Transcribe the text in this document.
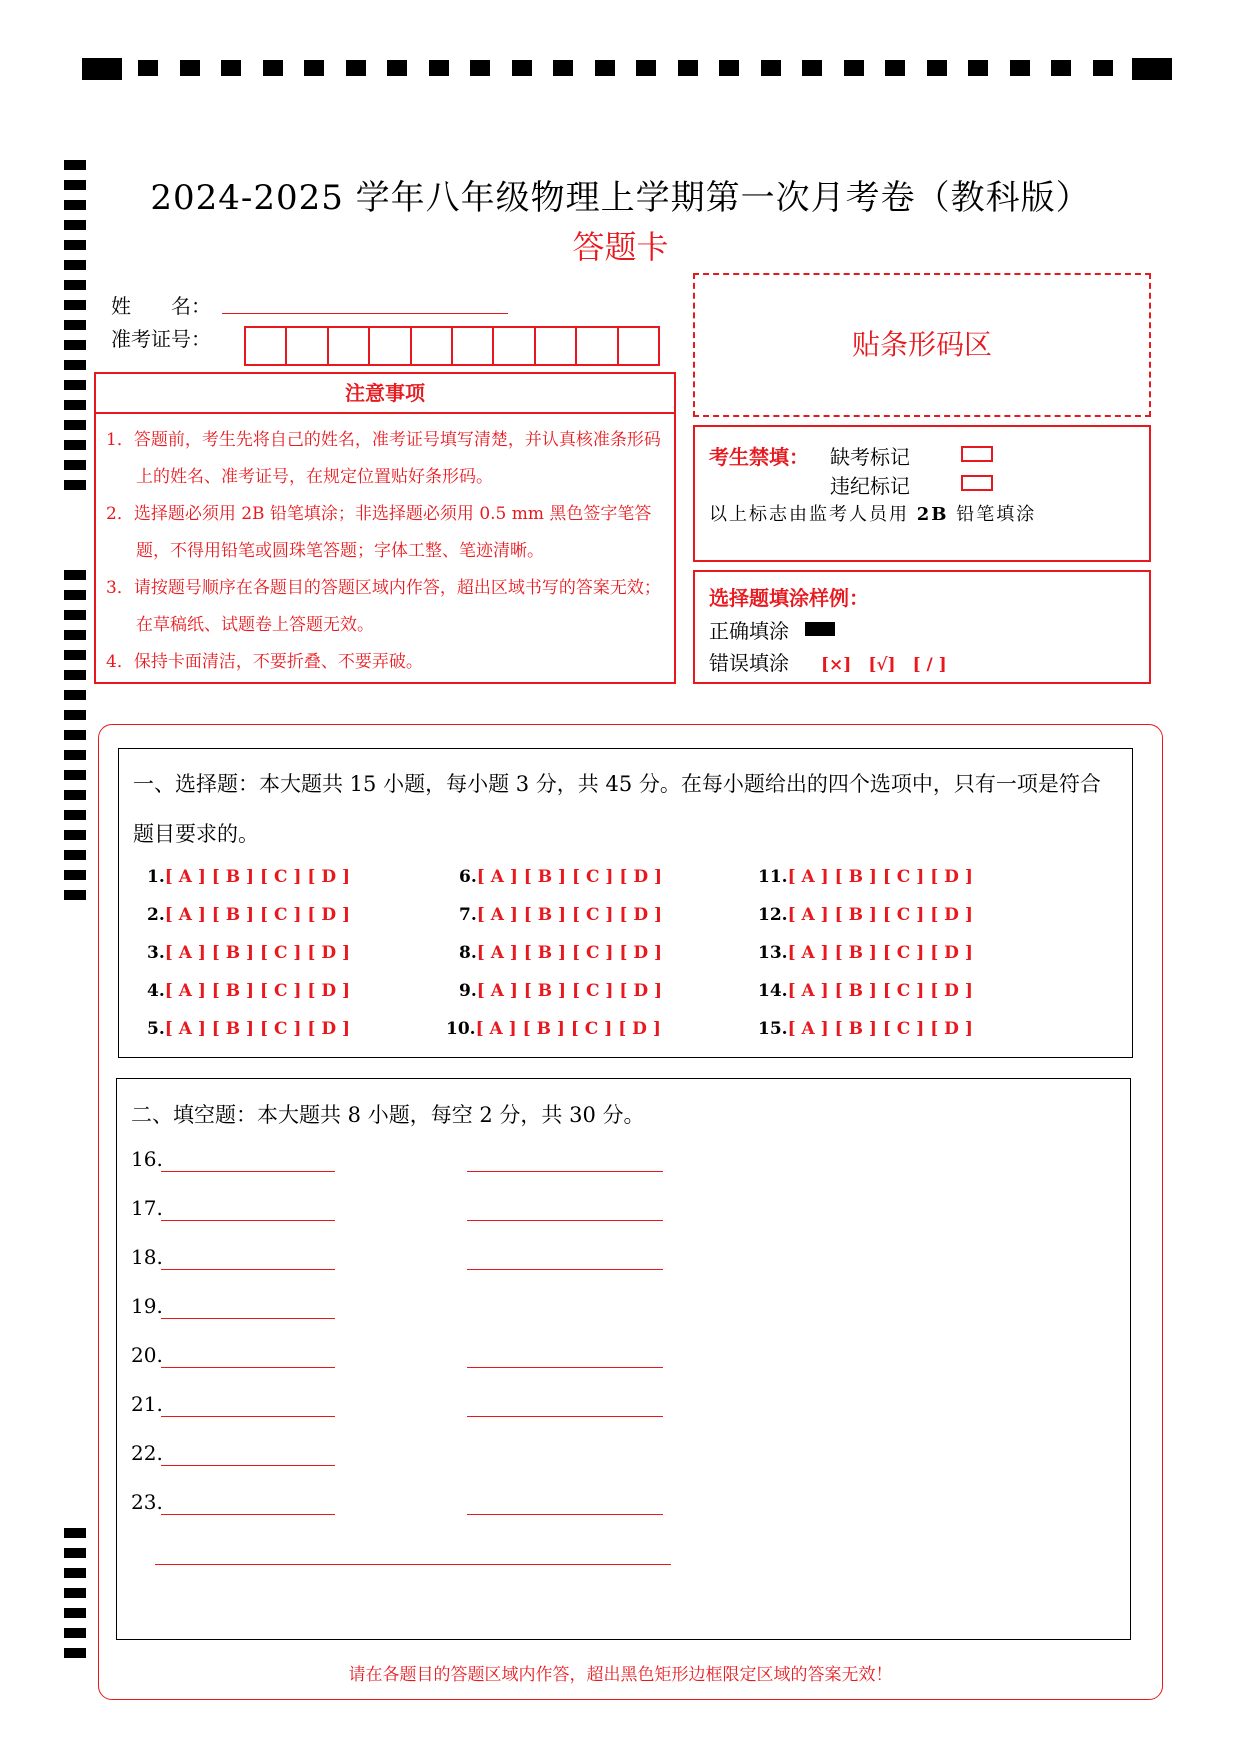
2024-2025 学年八年级物理上学期第一次月考卷（教科版）
答题卡
姓　　名：
准考证号：
注意事项
1．答题前，考生先将自己的姓名，准考证号填写清楚，并认真核准条形码上的姓名、准考证号，在规定位置贴好条形码。
2．选择题必须用 2B 铅笔填涂；非选择题必须用 0.5 mm 黑色签字笔答题，不得用铅笔或圆珠笔答题；字体工整、笔迹清晰。
3．请按题号顺序在各题目的答题区域内作答，超出区域书写的答案无效；在草稿纸、试题卷上答题无效。
4．保持卡面清洁，不要折叠、不要弄破。
贴条形码区
考生禁填： 缺考标记
违纪标记
以上标志由监考人员用 2B 铅笔填涂
选择题填涂样例：
正确填涂
错误填涂 [×]　[√]　[ / ]
一、选择题：本大题共 15 小题，每小题 3 分，共 45 分。在每小题给出的四个选项中，只有一项是符合题目要求的。
1.[ A ] [ B ] [ C ] [ D ]
2.[ A ] [ B ] [ C ] [ D ]
3.[ A ] [ B ] [ C ] [ D ]
4.[ A ] [ B ] [ C ] [ D ]
5.[ A ] [ B ] [ C ] [ D ]
6.[ A ] [ B ] [ C ] [ D ]
7.[ A ] [ B ] [ C ] [ D ]
8.[ A ] [ B ] [ C ] [ D ]
9.[ A ] [ B ] [ C ] [ D ]
10.[ A ] [ B ] [ C ] [ D ]
11.[ A ] [ B ] [ C ] [ D ]
12.[ A ] [ B ] [ C ] [ D ]
13.[ A ] [ B ] [ C ] [ D ]
14.[ A ] [ B ] [ C ] [ D ]
15.[ A ] [ B ] [ C ] [ D ]
二、填空题：本大题共 8 小题，每空 2 分，共 30 分。
16.
17.
18.
19.
20.
21.
22.
23.
请在各题目的答题区域内作答，超出黑色矩形边框限定区域的答案无效！
